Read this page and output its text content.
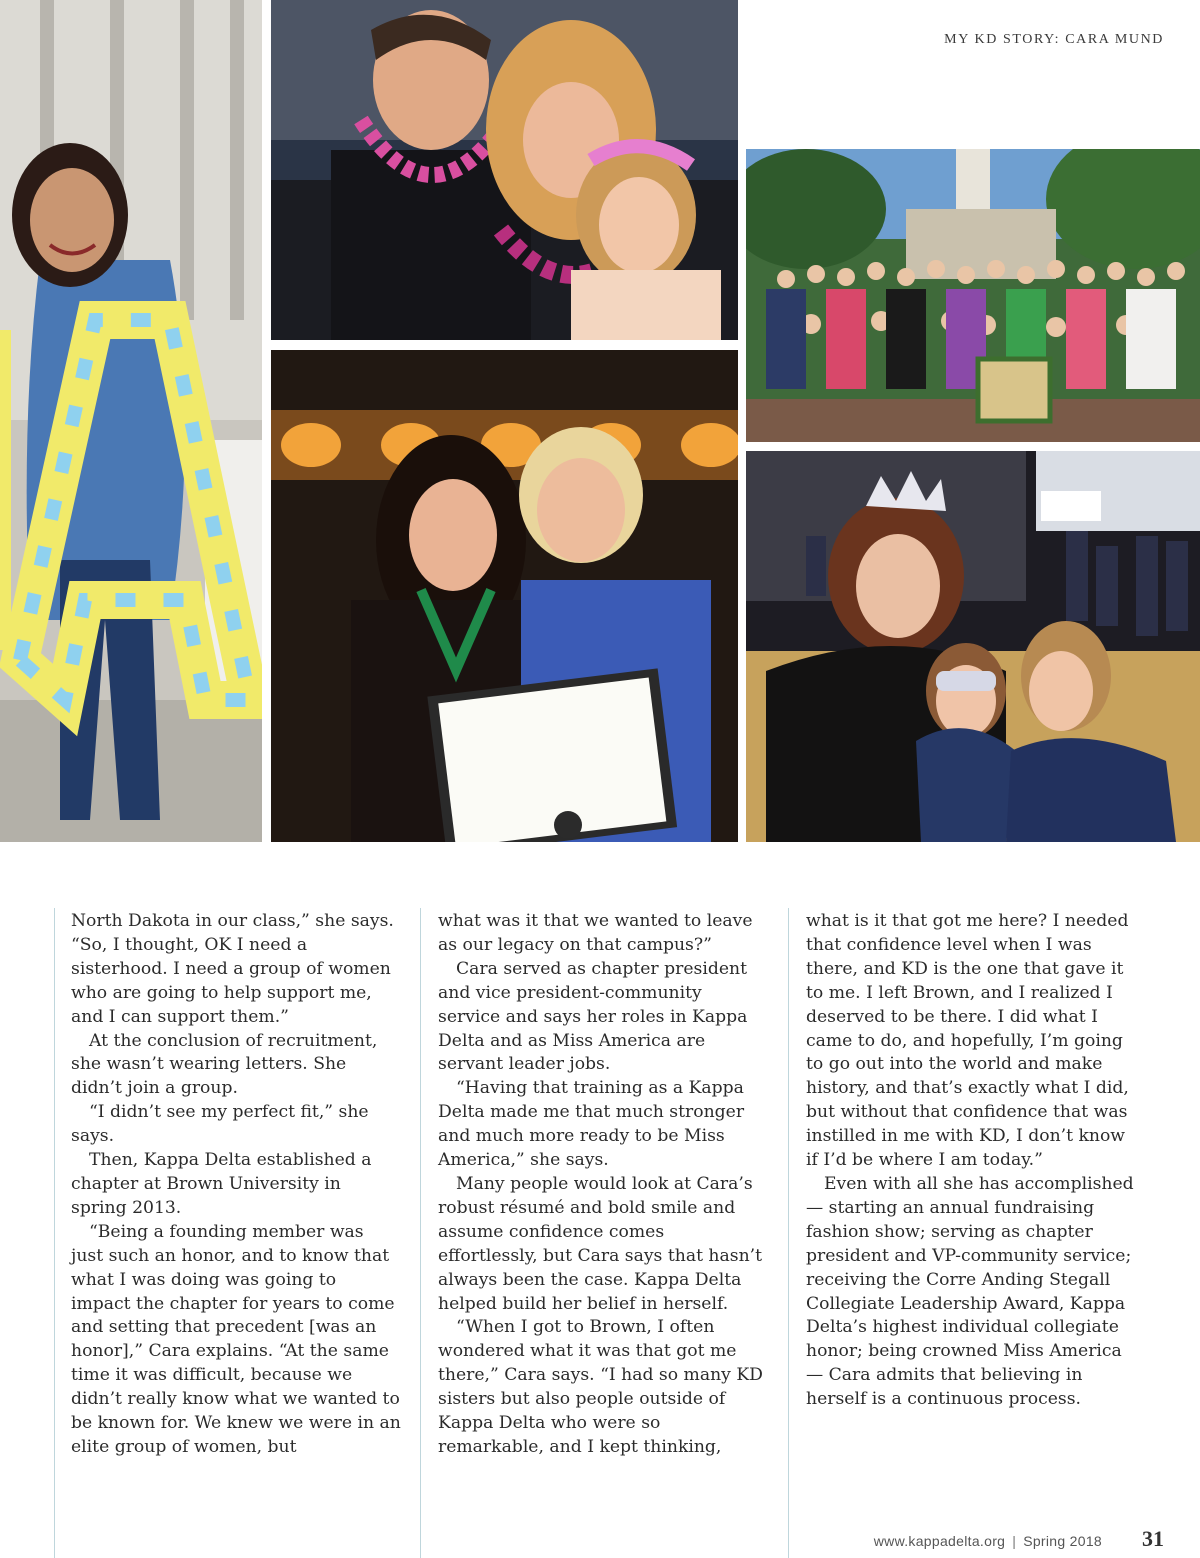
MY KD STORY: CARA MUND

North Dakota in our class,” she says. “So, I thought, OK I need a sisterhood. I need a group of women who are going to help support me, and I can support them.”

At the conclusion of recruitment, she wasn’t wearing letters. She didn’t join a group.

“I didn’t see my perfect fit,” she says.

Then, Kappa Delta established a chapter at Brown University in spring 2013.

“Being a founding member was just such an honor, and to know that what I was doing was going to impact the chapter for years to come and setting that precedent [was an honor],” Cara explains. “At the same time it was difficult, because we didn’t really know what we wanted to be known for. We knew we were in an elite group of women, but

what was it that we wanted to leave as our legacy on that campus?”

Cara served as chapter president and vice president-community service and says her roles in Kappa Delta and as Miss America are servant leader jobs.

“Having that training as a Kappa Delta made me that much stronger and much more ready to be Miss America,” she says.

Many people would look at Cara’s robust résumé and bold smile and assume confidence comes effortlessly, but Cara says that hasn’t always been the case. Kappa Delta helped build her belief in herself.

“When I got to Brown, I often wondered what it was that got me there,” Cara says. “I had so many KD sisters but also people outside of Kappa Delta who were so remarkable, and I kept thinking,

what is it that got me here? I needed that confidence level when I was there, and KD is the one that gave it to me. I left Brown, and I realized I deserved to be there. I did what I came to do, and hopefully, I’m going to go out into the world and make history, and that’s exactly what I did, but without that confidence that was instilled in me with KD, I don’t know if I’d be where I am today.”

Even with all she has accomplished — starting an annual fundraising fashion show; serving as chapter president and VP-community service; receiving the Corre Anding Stegall Collegiate Leadership Award, Kappa Delta’s highest individual collegiate honor; being crowned Miss America — Cara admits that believing in herself is a continuous process.

www.kappadelta.org | Spring 2018 31
